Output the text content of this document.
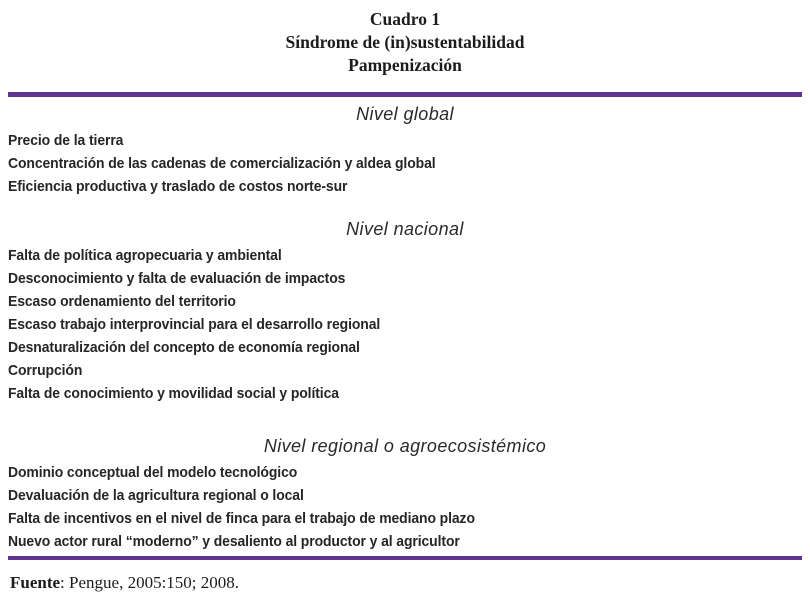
Cuadro 1
Síndrome de (in)sustentabilidad
Pampenización
Nivel global
Precio de la tierra
Concentración de las cadenas de comercialización y aldea global
Eficiencia productiva y traslado de costos norte-sur
Nivel nacional
Falta de política agropecuaria y ambiental
Desconocimiento y falta de evaluación de impactos
Escaso ordenamiento del territorio
Escaso trabajo interprovincial para el desarrollo regional
Desnaturalización del concepto de economía regional
Corrupción
Falta de conocimiento y movilidad social y política
Nivel regional o agroecosistémico
Dominio conceptual del modelo tecnológico
Devaluación de la agricultura regional o local
Falta de incentivos en el nivel de finca para el trabajo de mediano plazo
Nuevo actor rural “moderno” y desaliento al productor y al agricultor
Fuente: Pengue, 2005:150; 2008.
